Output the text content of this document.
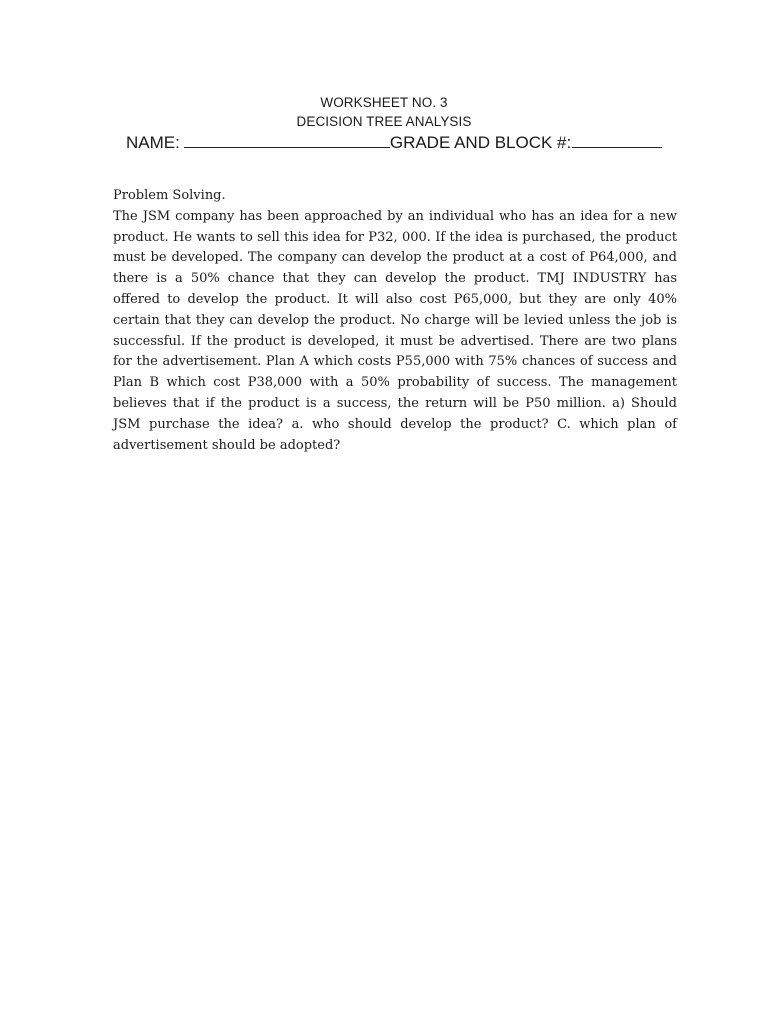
WORKSHEET NO. 3
DECISION TREE ANALYSIS
NAME:	GRADE AND BLOCK #:

Problem Solving.

The JSM company has been approached by an individual who has an idea for a new product. He wants to sell this idea for P32, 000. If the idea is purchased, the product must be developed. The company can develop the product at a cost of P64,000, and there is a 50% chance that they can develop the product. TMJ INDUSTRY has offered to develop the product. It will also cost P65,000, but they are only 40% certain that they can develop the product. No charge will be levied unless the job is successful. If the product is developed, it must be advertised. There are two plans for the advertisement. Plan A which costs P55,000 with 75% chances of success and Plan B which cost P38,000 with a 50% probability of success. The management believes that if the product is a success, the return will be P50 million. a) Should JSM purchase the idea? a. who should develop the product? C. which plan of advertisement should be adopted?
